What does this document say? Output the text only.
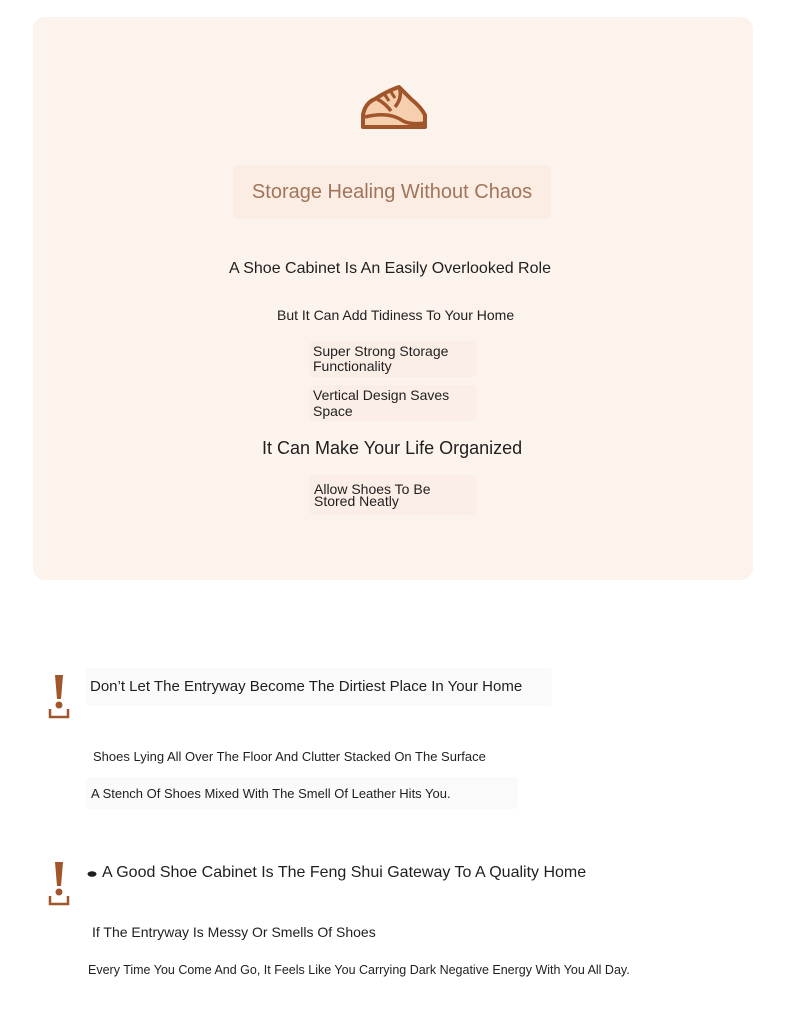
Storage Healing Without Chaos
A Shoe Cabinet Is An Easily Overlooked Role
But It Can Add Tidiness To Your Home
Super Strong Storage
Functionality
Vertical Design Saves
Space
It Can Make Your Life Organized
Allow Shoes To Be
Stored Neatly
Don’t Let The Entryway Become The Dirtiest Place In Your Home
Shoes Lying All Over The Floor And Clutter Stacked On The Surface
A Stench Of Shoes Mixed With The Smell Of Leather Hits You.
A Good Shoe Cabinet Is The Feng Shui Gateway To A Quality Home
If The Entryway Is Messy Or Smells Of Shoes
Every Time You Come And Go, It Feels Like You Carrying Dark Negative Energy With You All Day.
